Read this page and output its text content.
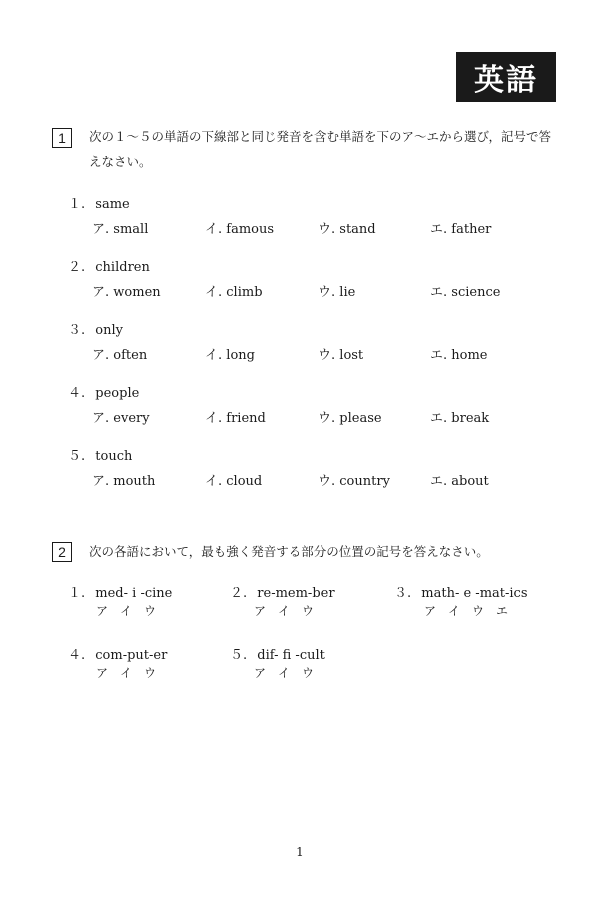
英語
1	次の１～５の単語の下線部と同じ発音を含む単語を下のア～エから選び，記号で答
えなさい。
１. same
ア. small	イ. famous	ウ. stand	エ. father
２. children
ア. women	イ. climb	ウ. lie	エ. science
３. only
ア. often	イ. long	ウ. lost	エ. home
４. people
ア. every	イ. friend	ウ. please	エ. break
５. touch
ア. mouth	イ. cloud	ウ. country	エ. about
2	次の各語において，最も強く発音する部分の位置の記号を答えなさい。
１. med- i -cine
ア　イ　ウ
２. re-mem-ber
ア　イ　ウ
３. math- e -mat-ics
ア　イ　ウ　エ
４. com-put-er
ア　イ　ウ
５. dif- fi -cult
ア　イ　ウ
1
